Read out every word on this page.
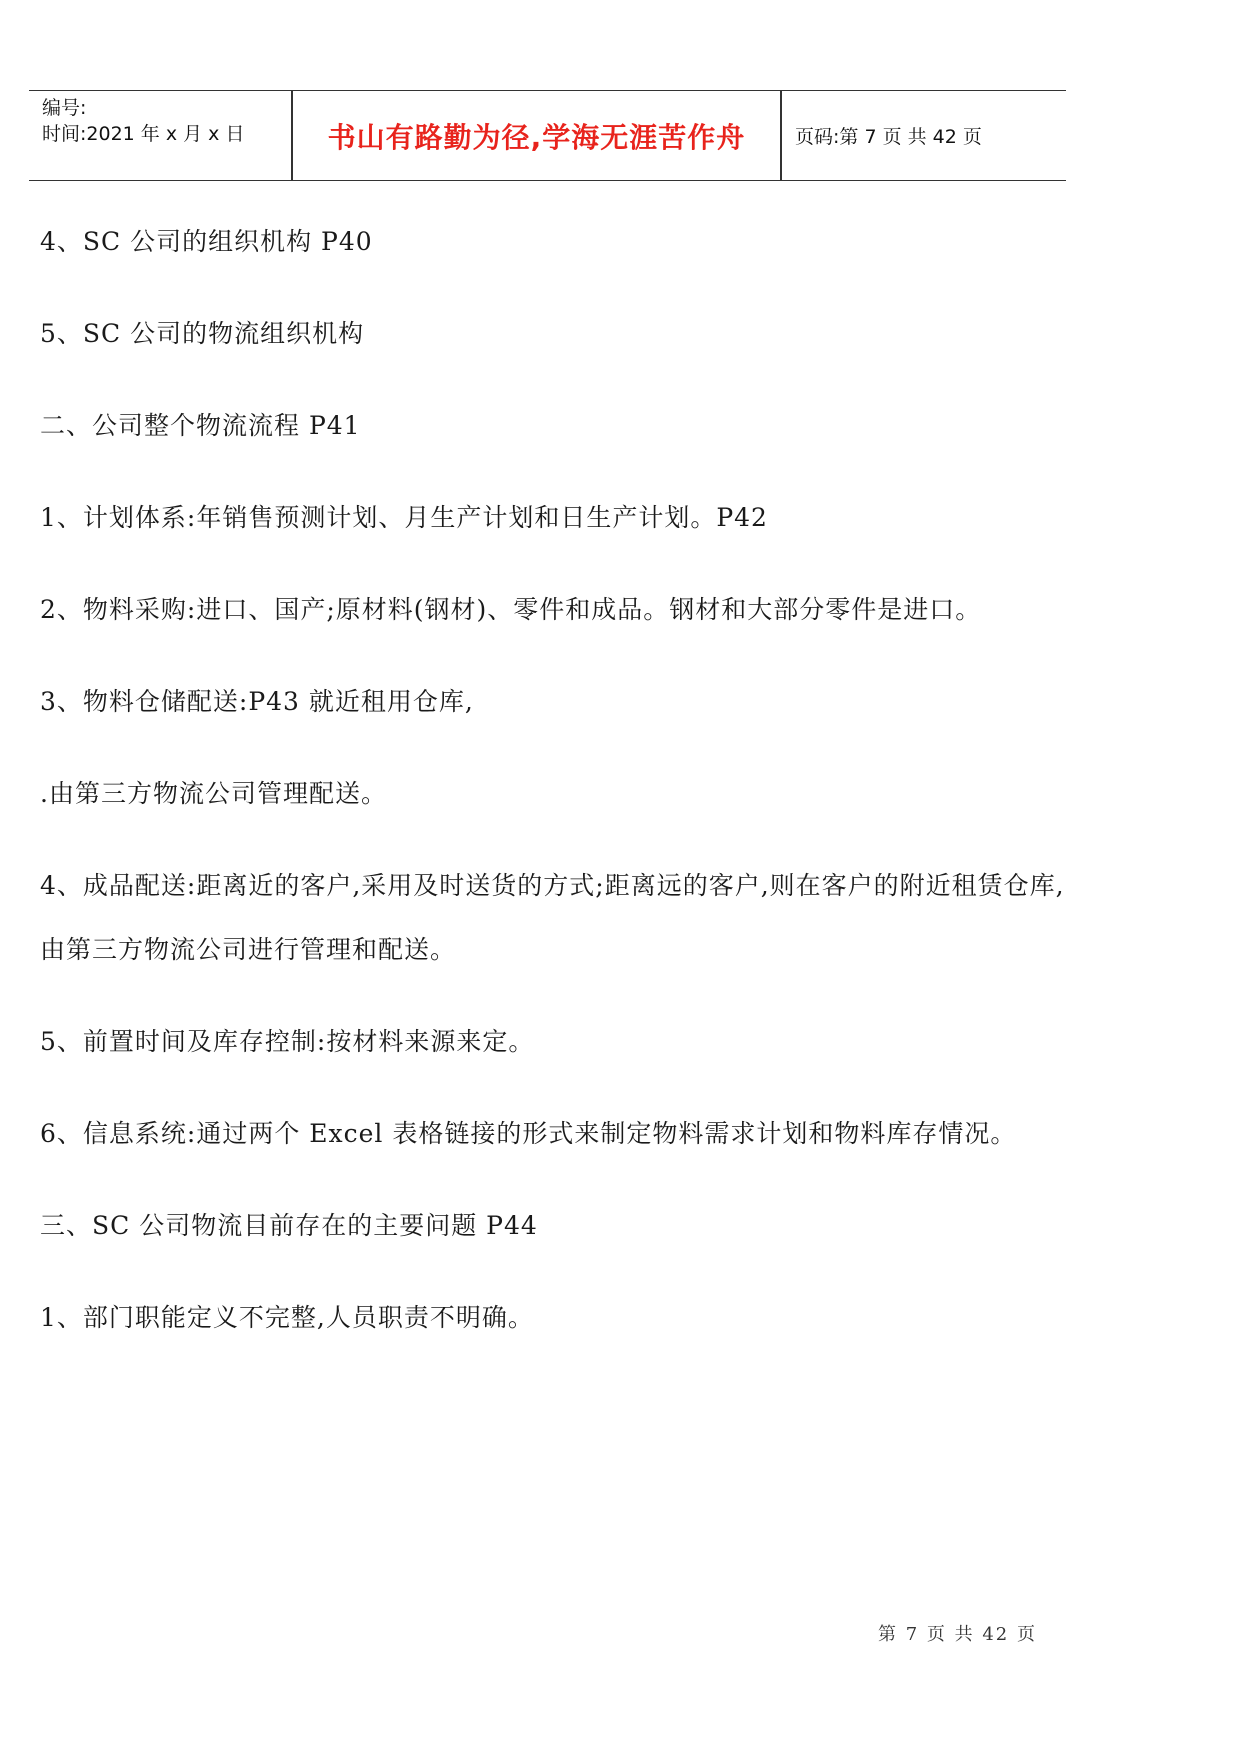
编号:
时间:2021 年 x 月 x 日	书山有路勤为径,学海无涯苦作舟	页码:第 7 页 共 42 页

4、SC 公司的组织机构 P40

5、SC 公司的物流组织机构

二、公司整个物流流程 P41

1、计划体系:年销售预测计划、月生产计划和日生产计划。P42

2、物料采购:进口、国产;原材料(钢材)、零件和成品。钢材和大部分零件是进口。

3、物料仓储配送:P43 就近租用仓库,

.由第三方物流公司管理配送。

4、成品配送:距离近的客户,采用及时送货的方式;距离远的客户,则在客户的附近租赁仓库,由第三方物流公司进行管理和配送。

5、前置时间及库存控制:按材料来源来定。

6、信息系统:通过两个 Excel 表格链接的形式来制定物料需求计划和物料库存情况。

三、SC 公司物流目前存在的主要问题 P44

1、部门职能定义不完整,人员职责不明确。

第 7 页 共 42 页
